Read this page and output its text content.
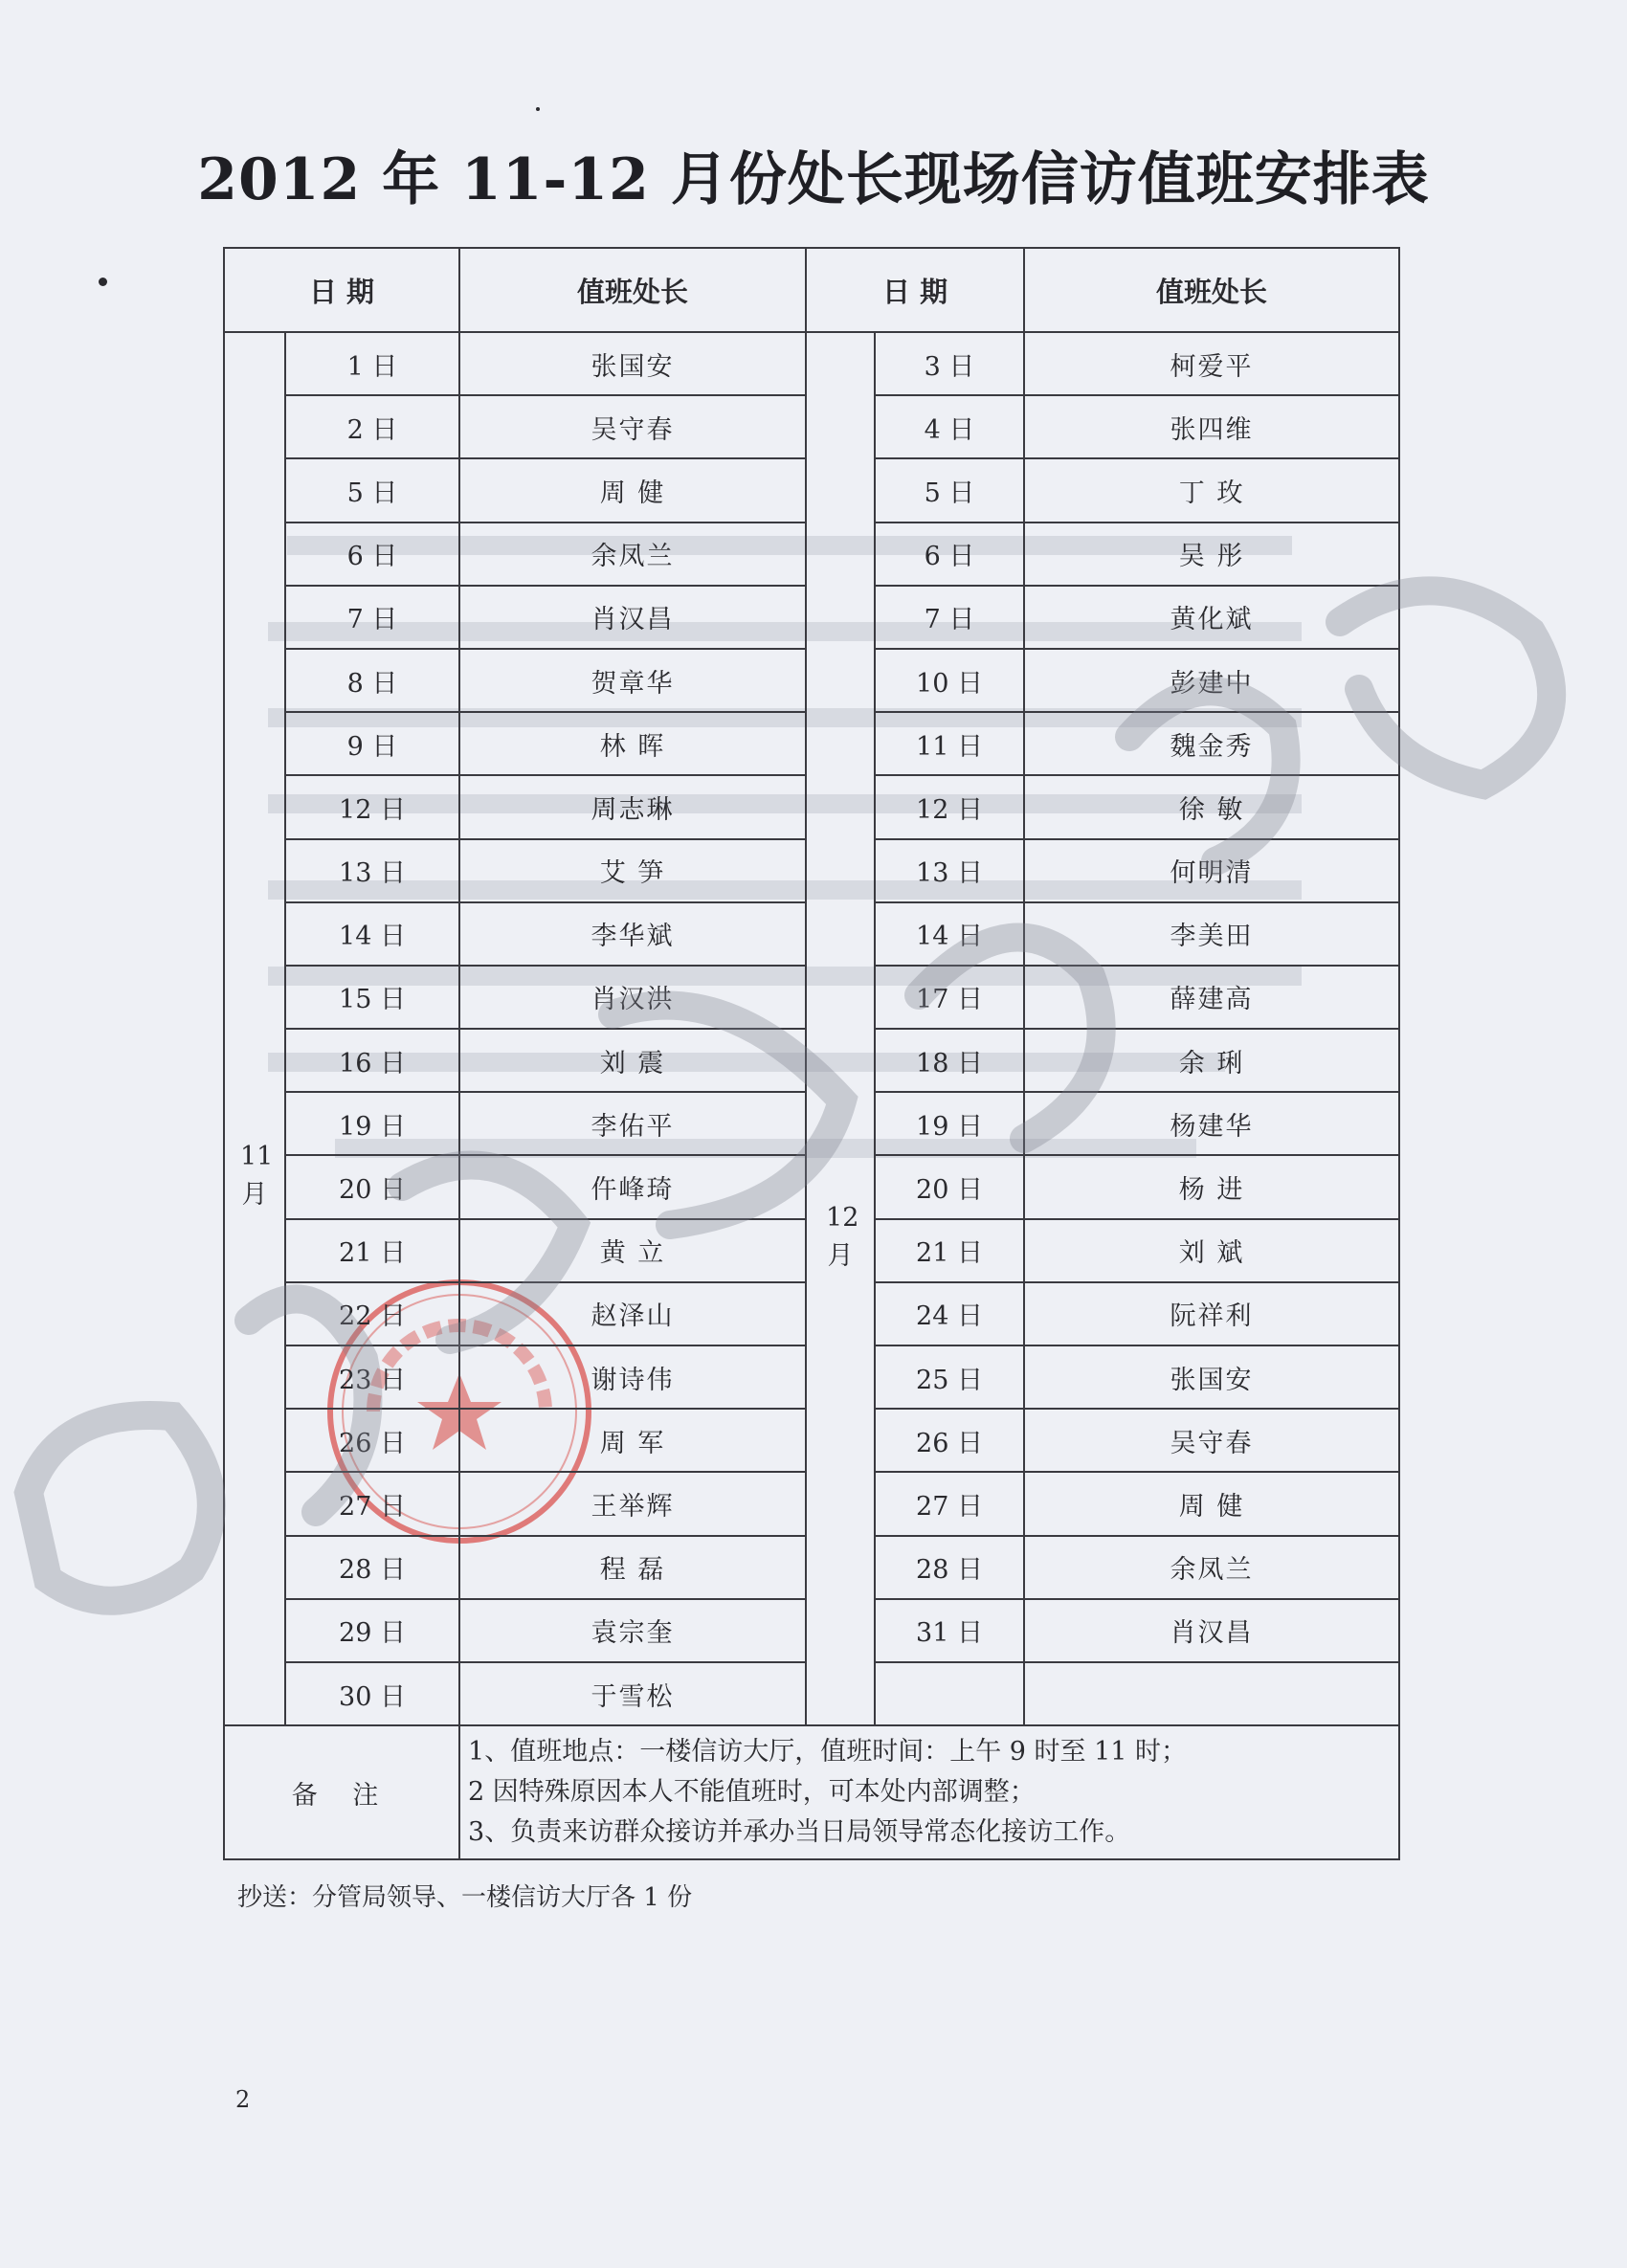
2012 年 11-12 月份处长现场信访值班安排表
日 期		值班处长	日 期		值班处长

11月	1 日	张国安	12月	3 日	柯爱平
	2 日	吴守春		4 日	张四维
	5 日	周 健		5 日	丁 玫
	6 日	余凤兰		6 日	吴 彤
	7 日	肖汉昌		7 日	黄化斌
	8 日	贺章华		10 日	彭建中
	9 日	林 晖		11 日	魏金秀
	12 日	周志琳		12 日	徐 敏
	13 日	艾 笋		13 日	何明清
	14 日	李华斌		14 日	李美田
	15 日	肖汉洪		17 日	薛建高
	16 日	刘 震		18 日	余 琍
	19 日	李佑平		19 日	杨建华
	20 日	仵峰琦		20 日	杨 进
	21 日	黄 立		21 日	刘 斌
	22 日	赵泽山		24 日	阮祥利
	23 日	谢诗伟		25 日	张国安
	26 日	周 军		26 日	吴守春
	27 日	王举辉		27 日	周 健
	28 日	程 磊		28 日	余凤兰
	29 日	袁宗奎		31 日	肖汉昌
	30 日	于雪松			
备 注		1、值班地点：一楼信访大厅，值班时间：上午 9 时至 11 时；
2 因特殊原因本人不能值班时，可本处内部调整；
3、负责来访群众接访并承办当日局领导常态化接访工作。			
抄送：分管局领导、一楼信访大厅各 1 份
2
